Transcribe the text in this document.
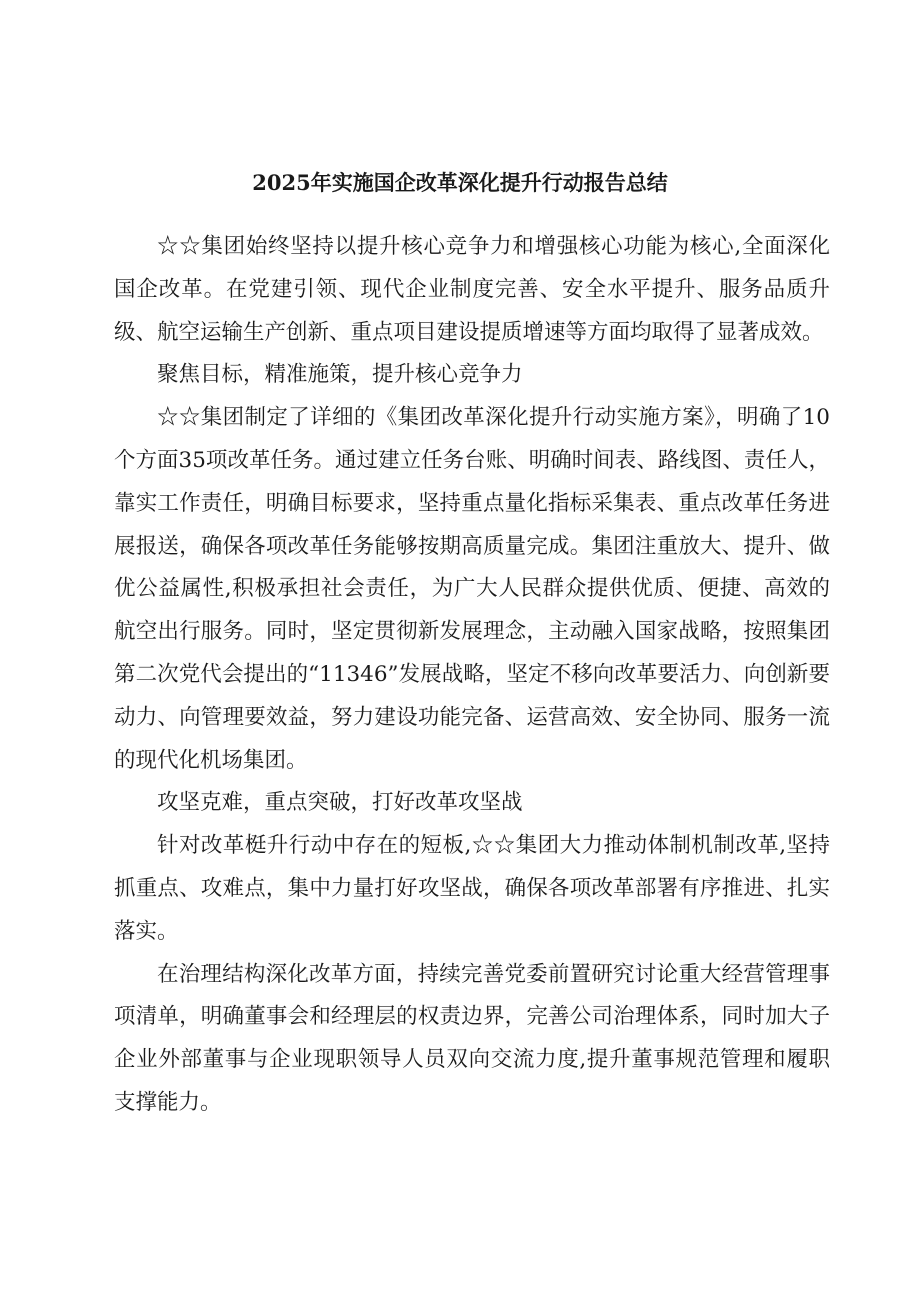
2025年实施国企改革深化提升行动报告总结

☆☆集团始终坚持以提升核心竞争力和增强核心功能为核心,全面深化国企改革。在党建引领、现代企业制度完善、安全水平提升、服务品质升级、航空运输生产创新、重点项目建设提质增速等方面均取得了显著成效。

聚焦目标，精准施策，提升核心竞争力

☆☆集团制定了详细的《集团改革深化提升行动实施方案》，明确了10个方面35项改革任务。通过建立任务台账、明确时间表、路线图、责任人，靠实工作责任，明确目标要求，坚持重点量化指标采集表、重点改革任务进展报送，确保各项改革任务能够按期高质量完成。集团注重放大、提升、做优公益属性,积极承担社会责任，为广大人民群众提供优质、便捷、高效的航空出行服务。同时，坚定贯彻新发展理念，主动融入国家战略，按照集团第二次党代会提出的“11346”发展战略，坚定不移向改革要活力、向创新要动力、向管理要效益，努力建设功能完备、运营高效、安全协同、服务一流的现代化机场集团。

攻坚克难，重点突破，打好改革攻坚战

针对改革梃升行动中存在的短板,☆☆集团大力推动体制机制改革,坚持抓重点、攻难点，集中力量打好攻坚战，确保各项改革部署有序推进、扎实落实。

在治理结构深化改革方面，持续完善党委前置研究讨论重大经营管理事项清单，明确董事会和经理层的权责边界，完善公司治理体系，同时加大子企业外部董事与企业现职领导人员双向交流力度,提升董事规范管理和履职支撑能力。
